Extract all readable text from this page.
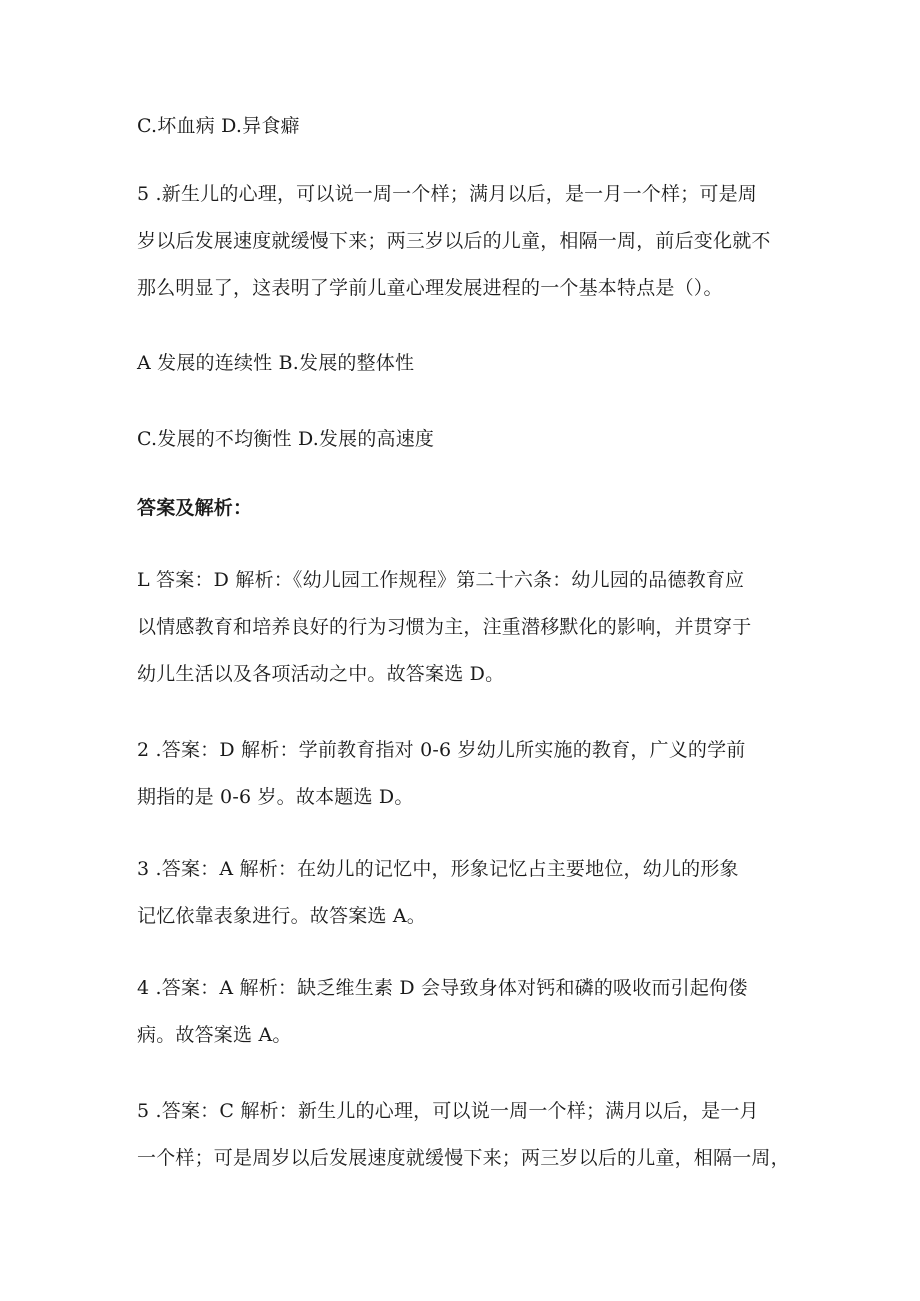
C.坏血病 D.异食癖
5 .新生儿的心理，可以说一周一个样；满月以后，是一月一个样；可是周
岁以后发展速度就缓慢下来；两三岁以后的儿童，相隔一周，前后变化就不
那么明显了，这表明了学前儿童心理发展进程的一个基本特点是（）。
A 发展的连续性 B.发展的整体性
C.发展的不均衡性 D.发展的高速度
答案及解析：
L 答案：D 解析：《幼儿园工作规程》第二十六条：幼儿园的品德教育应
以情感教育和培养良好的行为习惯为主，注重潜移默化的影响，并贯穿于
幼儿生活以及各项活动之中。故答案选 D。
2 .答案：D 解析：学前教育指对 0-6 岁幼儿所实施的教育，广义的学前
期指的是 0-6 岁。故本题选 D。
3 .答案：A 解析：在幼儿的记忆中，形象记忆占主要地位，幼儿的形象
记忆依靠表象进行。故答案选 A。
4 .答案：A 解析：缺乏维生素 D 会导致身体对钙和磷的吸收而引起佝偻
病。故答案选 A。
5 .答案：C 解析：新生儿的心理，可以说一周一个样；满月以后，是一月
一个样；可是周岁以后发展速度就缓慢下来；两三岁以后的儿童，相隔一周，
